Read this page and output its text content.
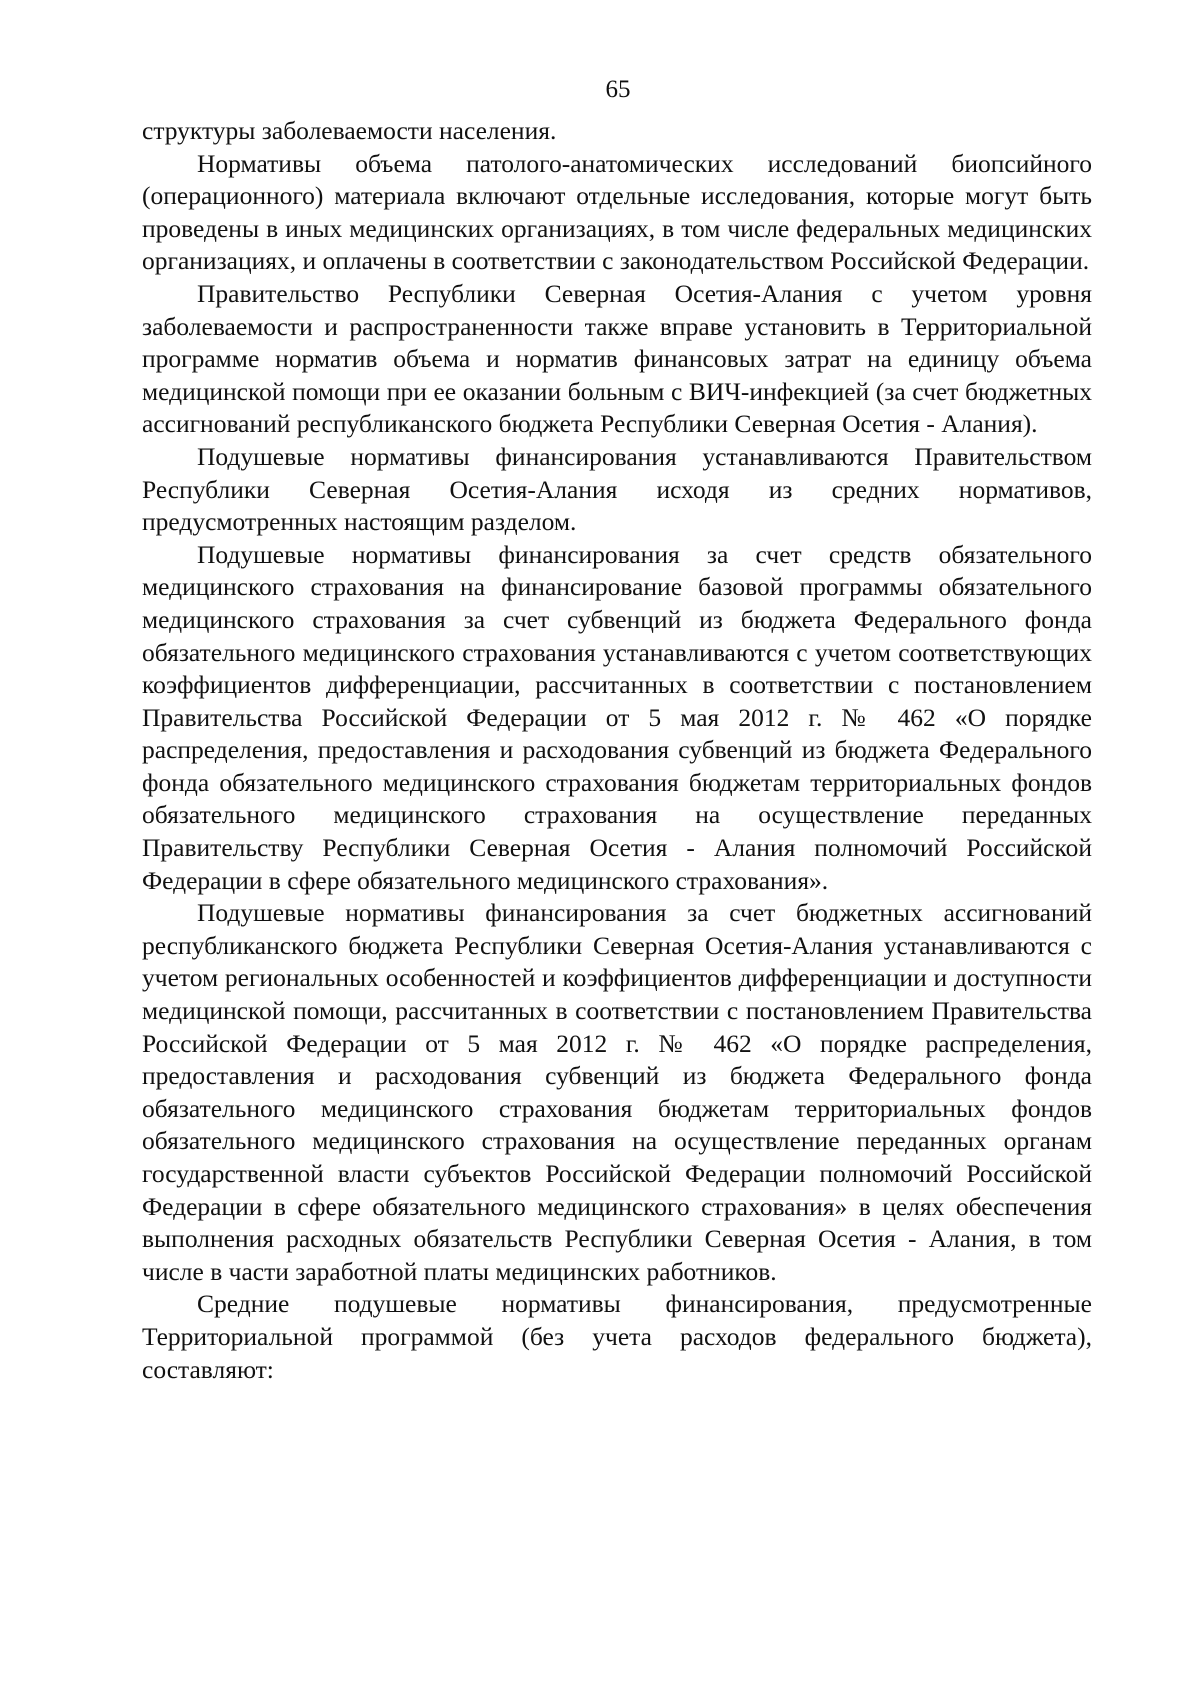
65

структуры заболеваемости населения.

Нормативы объема патолого-анатомических исследований биопсийного (операционного) материала включают отдельные исследования, которые могут быть проведены в иных медицинских организациях, в том числе федеральных медицинских организациях, и оплачены в соответствии с законодательством Российской Федерации.

Правительство Республики Северная Осетия-Алания с учетом уровня заболеваемости и распространенности также вправе установить в Территориальной программе норматив объема и норматив финансовых затрат на единицу объема медицинской помощи при ее оказании больным с ВИЧ-инфекцией (за счет бюджетных ассигнований республиканского бюджета Республики Северная Осетия - Алания).

Подушевые нормативы финансирования устанавливаются Правительством Республики Северная Осетия-Алания исходя из средних нормативов, предусмотренных настоящим разделом.

Подушевые нормативы финансирования за счет средств обязательного медицинского страхования на финансирование базовой программы обязательного медицинского страхования за счет субвенций из бюджета Федерального фонда обязательного медицинского страхования устанавливаются с учетом соответствующих коэффициентов дифференциации, рассчитанных в соответствии с постановлением Правительства Российской Федерации от 5 мая 2012 г. № 462 «О порядке распределения, предоставления и расходования субвенций из бюджета Федерального фонда обязательного медицинского страхования бюджетам территориальных фондов обязательного медицинского страхования на осуществление переданных Правительству Республики Северная Осетия - Алания полномочий Российской Федерации в сфере обязательного медицинского страхования».

Подушевые нормативы финансирования за счет бюджетных ассигнований республиканского бюджета Республики Северная Осетия-Алания устанавливаются с учетом региональных особенностей и коэффициентов дифференциации и доступности медицинской помощи, рассчитанных в соответствии с постановлением Правительства Российской Федерации от 5 мая 2012 г. № 462 «О порядке распределения, предоставления и расходования субвенций из бюджета Федерального фонда обязательного медицинского страхования бюджетам территориальных фондов обязательного медицинского страхования на осуществление переданных органам государственной власти субъектов Российской Федерации полномочий Российской Федерации в сфере обязательного медицинского страхования» в целях обеспечения выполнения расходных обязательств Республики Северная Осетия - Алания, в том числе в части заработной платы медицинских работников.

Средние подушевые нормативы финансирования, предусмотренные Территориальной программой (без учета расходов федерального бюджета), составляют:
